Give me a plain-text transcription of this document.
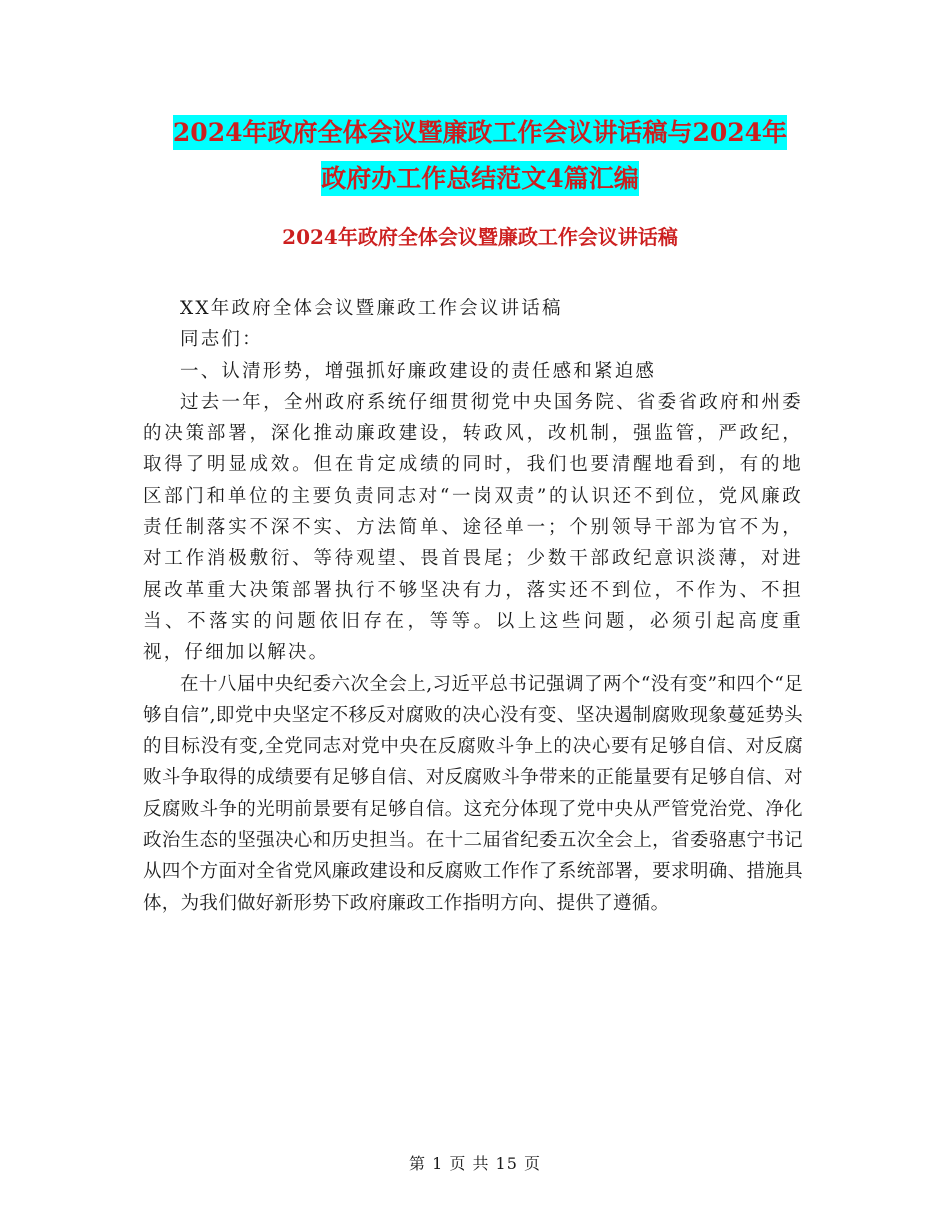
2024年政府全体会议暨廉政工作会议讲话稿与2024年
政府办工作总结范文4篇汇编
2024年政府全体会议暨廉政工作会议讲话稿

XX年政府全体会议暨廉政工作会议讲话稿

同志们：

一、认清形势，增强抓好廉政建设的责任感和紧迫感

过去一年，全州政府系统仔细贯彻党中央国务院、省委省政府和州委的决策部署，深化推动廉政建设，转政风，改机制，强监管，严政纪，取得了明显成效。但在肯定成绩的同时，我们也要清醒地看到，有的地区部门和单位的主要负责同志对“一岗双责”的认识还不到位，党风廉政责任制落实不深不实、方法简单、途径单一；个别领导干部为官不为，对工作消极敷衍、等待观望、畏首畏尾；少数干部政纪意识淡薄，对进展改革重大决策部署执行不够坚决有力，落实还不到位，不作为、不担当、不落实的问题依旧存在，等等。以上这些问题，必须引起高度重视，仔细加以解决。

在十八届中央纪委六次全会上,习近平总书记强调了两个“没有变”和四个“足够自信”,即党中央坚定不移反对腐败的决心没有变、坚决遏制腐败现象蔓延势头的目标没有变,全党同志对党中央在反腐败斗争上的决心要有足够自信、对反腐败斗争取得的成绩要有足够自信、对反腐败斗争带来的正能量要有足够自信、对反腐败斗争的光明前景要有足够自信。这充分体现了党中央从严管党治党、净化政治生态的坚强决心和历史担当。在十二届省纪委五次全会上，省委骆惠宁书记从四个方面对全省党风廉政建设和反腐败工作作了系统部署，要求明确、措施具体，为我们做好新形势下政府廉政工作指明方向、提供了遵循。

第 1 页 共 15 页
